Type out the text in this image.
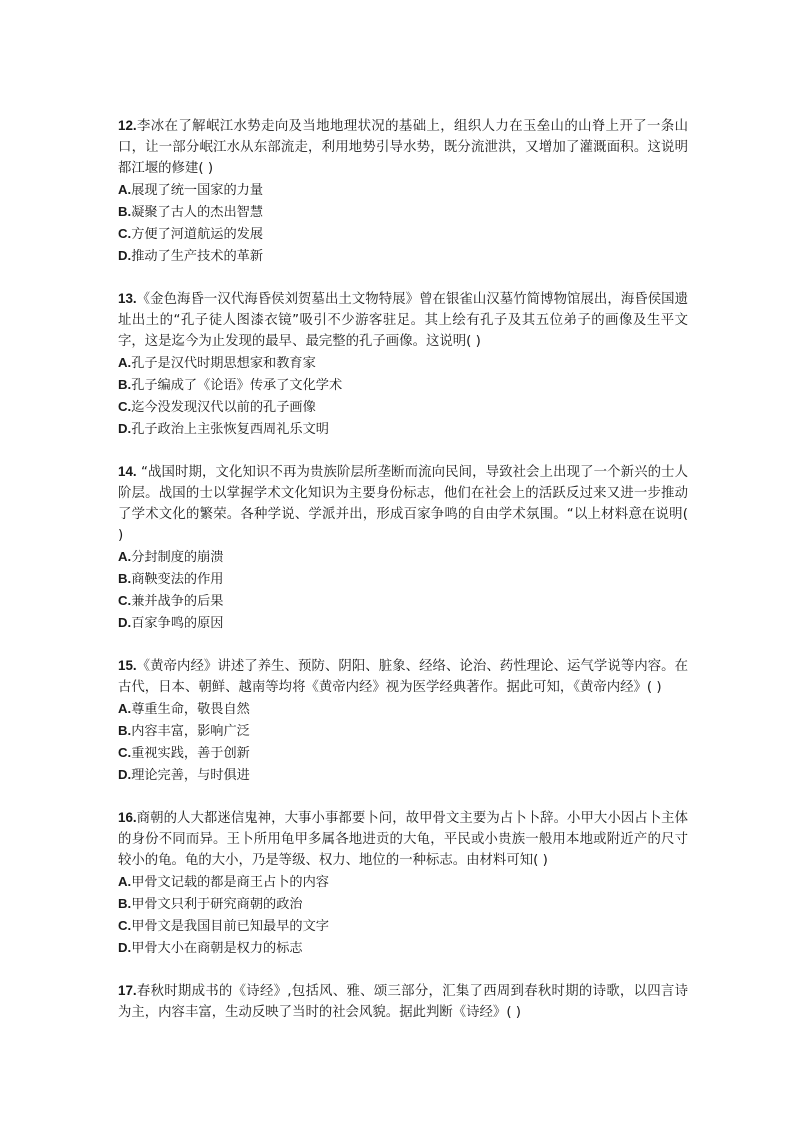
12.李冰在了解岷江水势走向及当地地理状况的基础上，组织人力在玉垒山的山脊上开了一条山口，让一部分岷江水从东部流走，利用地势引导水势，既分流泄洪，又增加了灌溉面积。这说明都江堰的修建( )

A.展现了统一国家的力量
B.凝聚了古人的杰出智慧
C.方便了河道航运的发展
D.推动了生产技术的革新

13.《金色海昏一汉代海昏侯刘贺墓出土文物特展》曾在银雀山汉墓竹简博物馆展出，海昏侯国遗址出土的“孔子徒人图漆衣镜”吸引不少游客驻足。其上绘有孔子及其五位弟子的画像及生平文字，这是迄今为止发现的最早、最完整的孔子画像。这说明( )

A.孔子是汉代时期思想家和教育家
B.孔子编成了《论语》传承了文化学术
C.迄今没发现汉代以前的孔子画像
D.孔子政治上主张恢复西周礼乐文明

14. “战国时期，文化知识不再为贵族阶层所垄断而流向民间，导致社会上出现了一个新兴的士人阶层。战国的士以掌握学术文化知识为主要身份标志，他们在社会上的活跃反过来又进一步推动了学术文化的繁荣。各种学说、学派并出，形成百家争鸣的自由学术氛围。“以上材料意在说明( )

A.分封制度的崩溃
B.商鞅变法的作用
C.兼并战争的后果
D.百家争鸣的原因

15.《黄帝内经》讲述了养生、预防、阴阳、脏象、经络、论治、药性理论、运气学说等内容。在古代，日本、朝鲜、越南等均将《黄帝内经》视为医学经典著作。据此可知，《黄帝内经》( )

A.尊重生命，敬畏自然
B.内容丰富，影响广泛
C.重视实践，善于创新
D.理论完善，与时俱进

16.商朝的人大都迷信鬼神，大事小事都要卜问，故甲骨文主要为占卜卜辞。小甲大小因占卜主体的身份不同而异。王卜所用龟甲多属各地进贡的大龟，平民或小贵族一般用本地或附近产的尺寸较小的龟。龟的大小，乃是等级、权力、地位的一种标志。由材料可知( )

A.甲骨文记载的都是商王占卜的内容
B.甲骨文只利于研究商朝的政治
C.甲骨文是我国目前已知最早的文字
D.甲骨大小在商朝是权力的标志

17.春秋时期成书的《诗经》,包括风、雅、颂三部分，汇集了西周到春秋时期的诗歌，以四言诗为主，内容丰富，生动反映了当时的社会风貌。据此判断《诗经》( )
